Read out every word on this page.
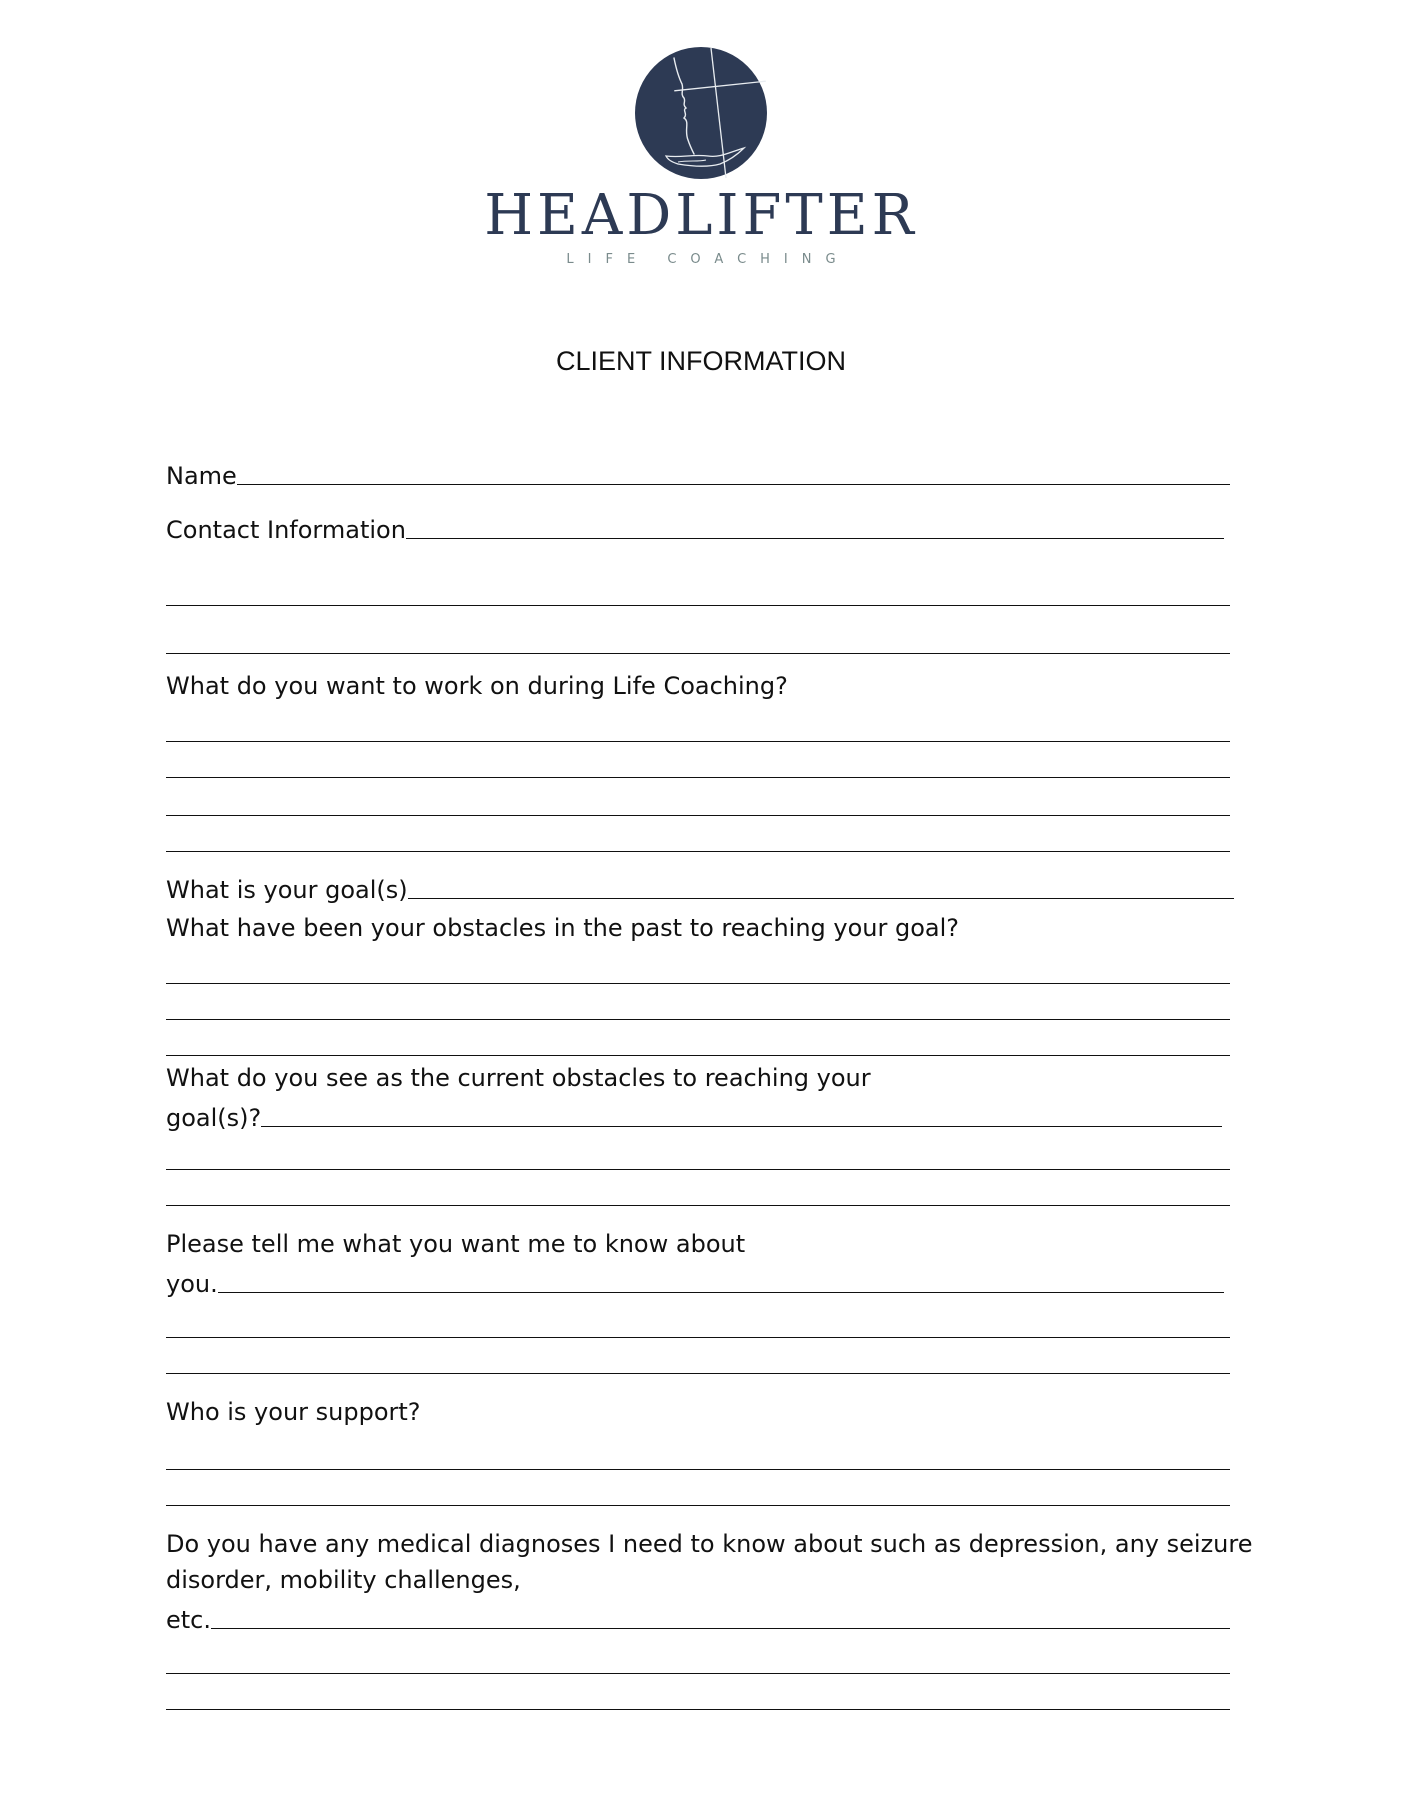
HEADLIFTER
LIFE COACHING
CLIENT INFORMATION
Name
Contact Information
What do you want to work on during Life Coaching?
What is your goal(s)
What have been your obstacles in the past to reaching your goal?
What do you see as the current obstacles to reaching your
goal(s)?
Please tell me what you want me to know about
you.
Who is your support?
Do you have any medical diagnoses I need to know about such as depression, any seizure
disorder, mobility challenges,
etc.
